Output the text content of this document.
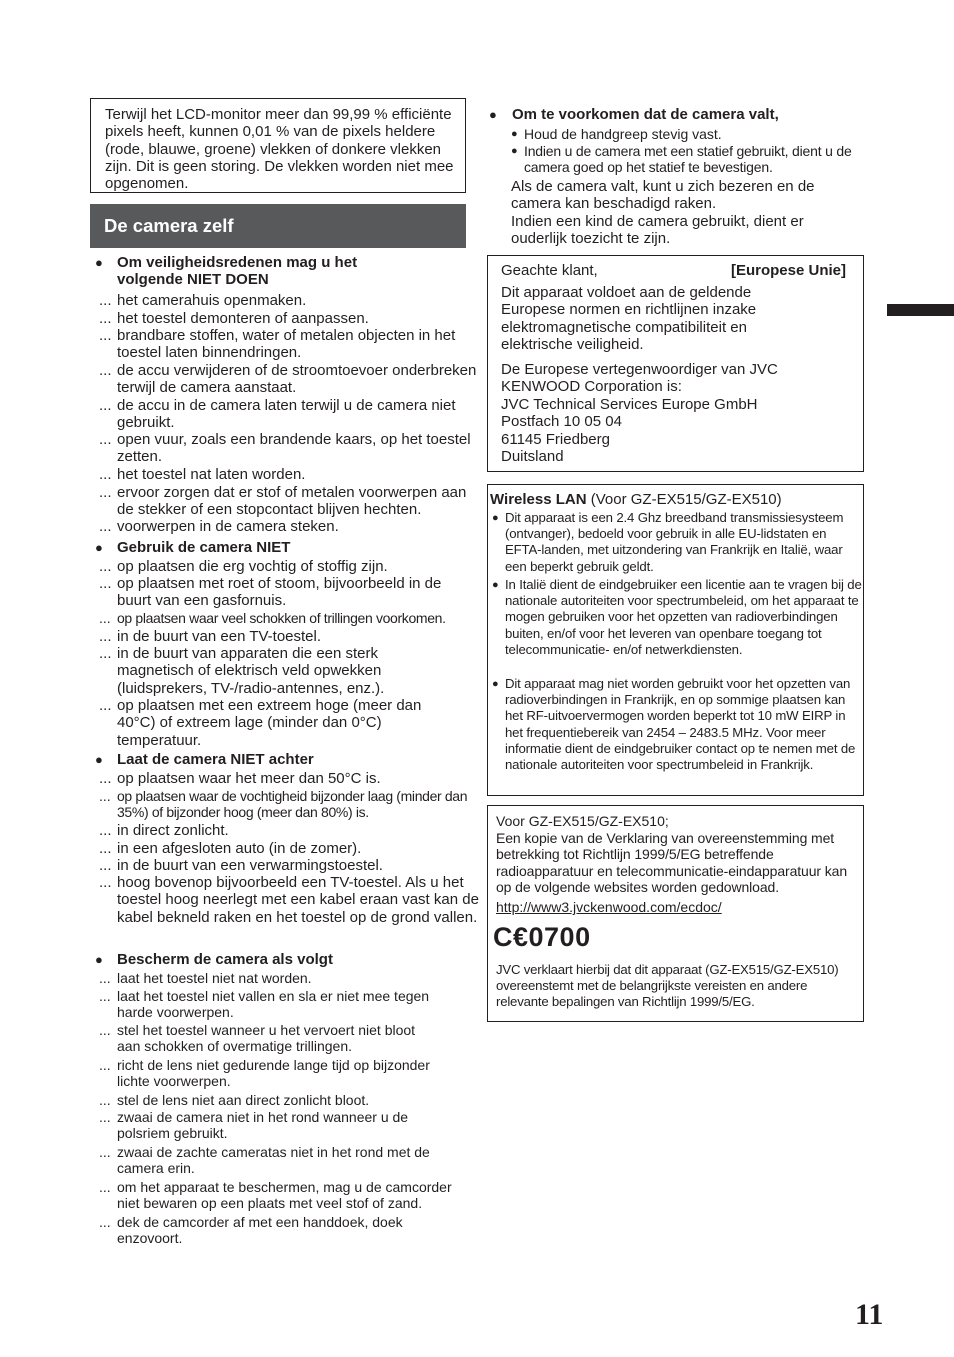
Terwijl het LCD-monitor meer dan 99,99 % efficiënte pixels heeft, kunnen 0,01 % van de pixels heldere (rode, blauwe, groene) vlekken of donkere vlekken zijn. Dit is geen storing. De vlekken worden niet mee opgenomen.
De camera zelf
● Om veiligheidsredenen mag u het volgende NIET DOEN
... het camerahuis openmaken.
... het toestel demonteren of aanpassen.
... brandbare stoffen, water of metalen objecten in het toestel laten binnendringen.
... de accu verwijderen of de stroomtoevoer onderbreken terwijl de camera aanstaat.
... de accu in de camera laten terwijl u de camera niet gebruikt.
... open vuur, zoals een brandende kaars, op het toestel zetten.
... het toestel nat laten worden.
... ervoor zorgen dat er stof of metalen voorwerpen aan de stekker of een stopcontact blijven hechten.
... voorwerpen in de camera steken.
● Gebruik de camera NIET
... op plaatsen die erg vochtig of stoffig zijn.
... op plaatsen met roet of stoom, bijvoorbeeld in de buurt van een gasfornuis.
... op plaatsen waar veel schokken of trillingen voorkomen.
... in de buurt van een TV-toestel.
... in de buurt van apparaten die een sterk magnetisch of elektrisch veld opwekken (luidsprekers, TV-/radio-antennes, enz.).
... op plaatsen met een extreem hoge (meer dan 40°C) of extreem lage (minder dan 0°C) temperatuur.
● Laat de camera NIET achter
... op plaatsen waar het meer dan 50°C is.
... op plaatsen waar de vochtigheid bijzonder laag (minder dan 35%) of bijzonder hoog (meer dan 80%) is.
... in direct zonlicht.
... in een afgesloten auto (in de zomer).
... in de buurt van een verwarmingstoestel.
... hoog bovenop bijvoorbeeld een TV-toestel. Als u het toestel hoog neerlegt met een kabel eraan vast kan de kabel bekneld raken en het toestel op de grond vallen.
● Bescherm de camera als volgt
... laat het toestel niet nat worden.
... laat het toestel niet vallen en sla er niet mee tegen harde voorwerpen.
... stel het toestel wanneer u het vervoert niet bloot aan schokken of overmatige trillingen.
... richt de lens niet gedurende lange tijd op bijzonder lichte voorwerpen.
... stel de lens niet aan direct zonlicht bloot.
... zwaai de camera niet in het rond wanneer u de polsriem gebruikt.
... zwaai de zachte cameratas niet in het rond met de camera erin.
... om het apparaat te beschermen, mag u de camcorder niet bewaren op een plaats met veel stof of zand.
... dek de camcorder af met een handdoek, doek enzovoort.
● Om te voorkomen dat de camera valt,
● Houd de handgreep stevig vast.
● Indien u de camera met een statief gebruikt, dient u de camera goed op het statief te bevestigen.
Als de camera valt, kunt u zich bezeren en de camera kan beschadigd raken.
Indien een kind de camera gebruikt, dient er ouderlijk toezicht te zijn.
Geachte klant,	[Europese Unie]
Dit apparaat voldoet aan de geldende Europese normen en richtlijnen inzake elektromagnetische compatibiliteit en elektrische veiligheid.
De Europese vertegenwoordiger van JVC KENWOOD Corporation is:
JVC Technical Services Europe GmbH
Postfach 10 05 04
61145 Friedberg
Duitsland
Wireless LAN (Voor GZ-EX515/GZ-EX510)
● Dit apparaat is een 2.4 Ghz breedband transmissiesysteem (ontvanger), bedoeld voor gebruik in alle EU-lidstaten en EFTA-landen, met uitzondering van Frankrijk en Italië, waar een beperkt gebruik geldt.
● In Italië dient de eindgebruiker een licentie aan te vragen bij de nationale autoriteiten voor spectrumbeleid, om het apparaat te mogen gebruiken voor het opzetten van radioverbindingen buiten, en/of voor het leveren van openbare toegang tot telecommunicatie- en/of netwerkdiensten.
● Dit apparaat mag niet worden gebruikt voor het opzetten van radioverbindingen in Frankrijk, en op sommige plaatsen kan het RF-uitvoervermogen worden beperkt tot 10 mW EIRP in het frequentiebereik van 2454 – 2483.5 MHz. Voor meer informatie dient de eindgebruiker contact op te nemen met de nationale autoriteiten voor spectrumbeleid in Frankrijk.
Voor GZ-EX515/GZ-EX510;
Een kopie van de Verklaring van overeenstemming met betrekking tot Richtlijn 1999/5/EG betreffende radioapparatuur en telecommunicatie-eindapparatuur kan op de volgende websites worden gedownload.
http://www3.jvckenwood.com/ecdoc/
JVC verklaart hierbij dat dit apparaat (GZ-EX515/GZ-EX510) overeenstemt met de belangrijkste vereisten en andere relevante bepalingen van Richtlijn 1999/5/EG.
C€0700
11
